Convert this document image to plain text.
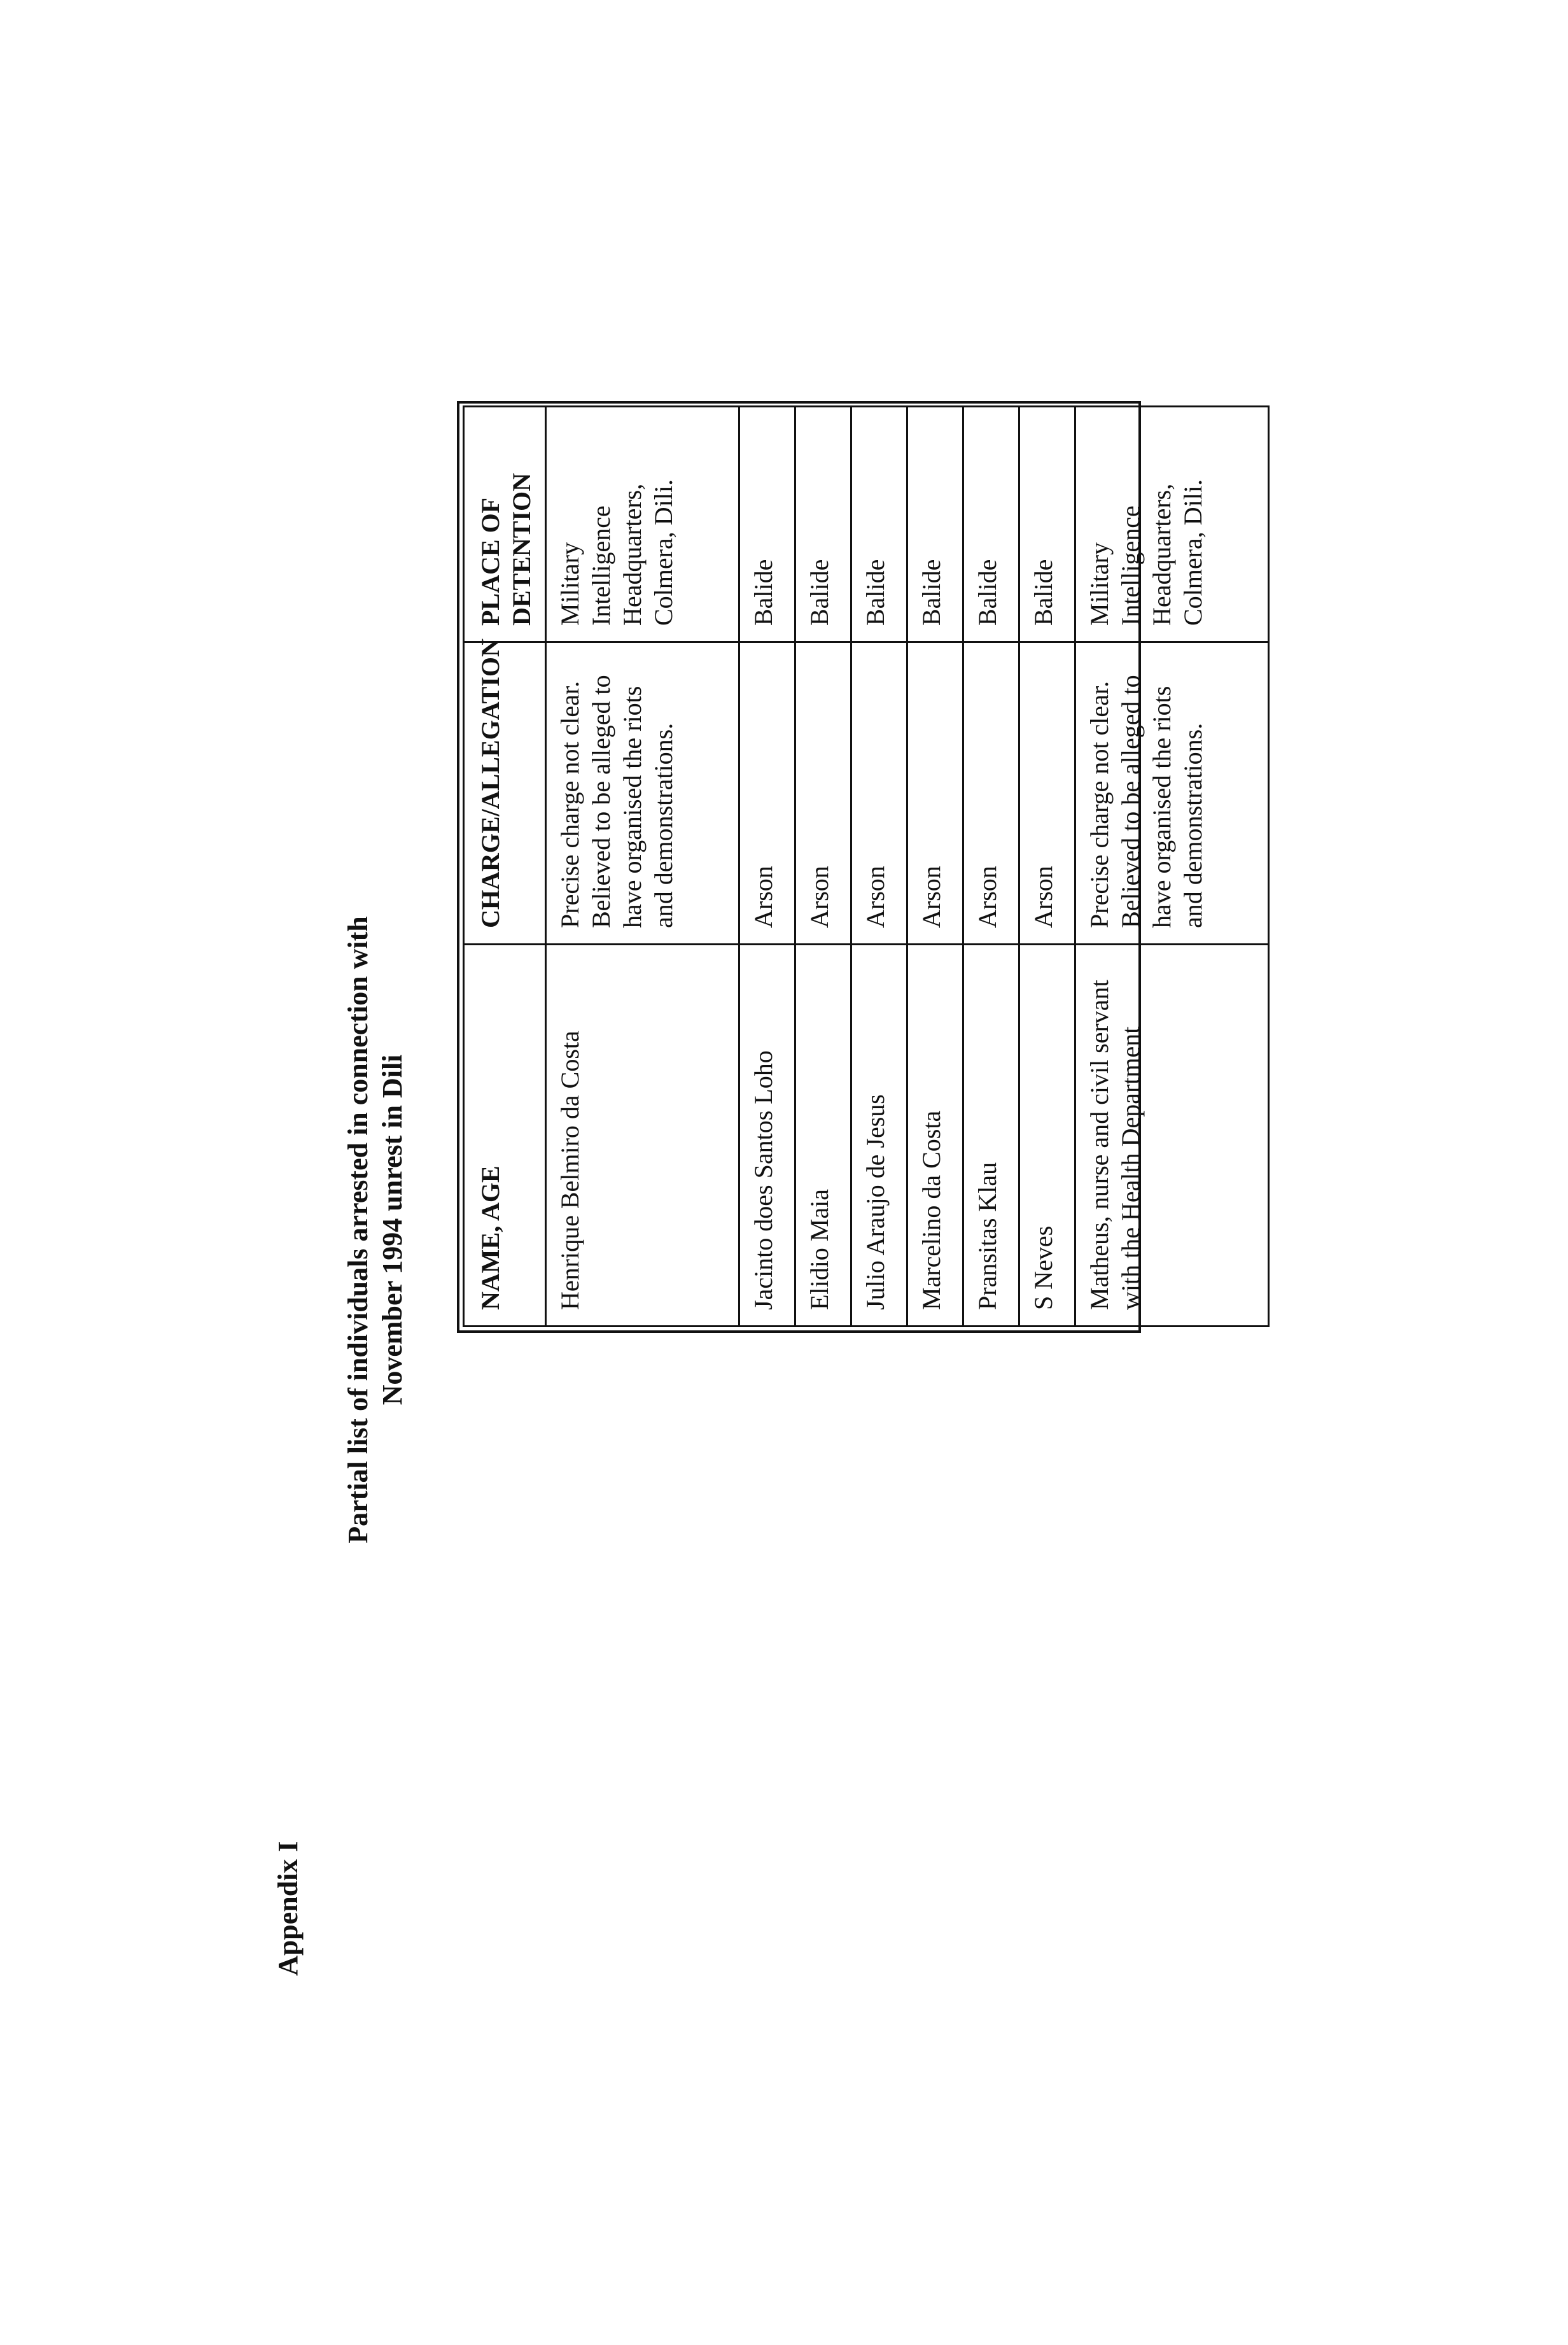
Appendix I
Partial list of individuals arrested in connection with November 1994 unrest in Dili	NAME, AGE	CHARGE/ALLEGATION	PLACE OF DETENTION
Henrique Belmiro da Costa	Precise charge not clear. Believed to be alleged to have organised the riots and demonstrations.	Military Intelligence Headquarters, Colmera, Dili.
Jacinto does Santos Loho	Arson	Balide
Elidio Maia	Arson	Balide
Julio Araujo de Jesus	Arson	Balide
Marcelino da Costa	Arson	Balide
Pransitas Klau	Arson	Balide
S Neves	Arson	Balide
Matheus, nurse and civil servant with the Health Department	Precise charge not clear. Believed to be alleged to have organised the riots and demonstrations.	Military Intelligence Headquarters, Colmera, Dili.
